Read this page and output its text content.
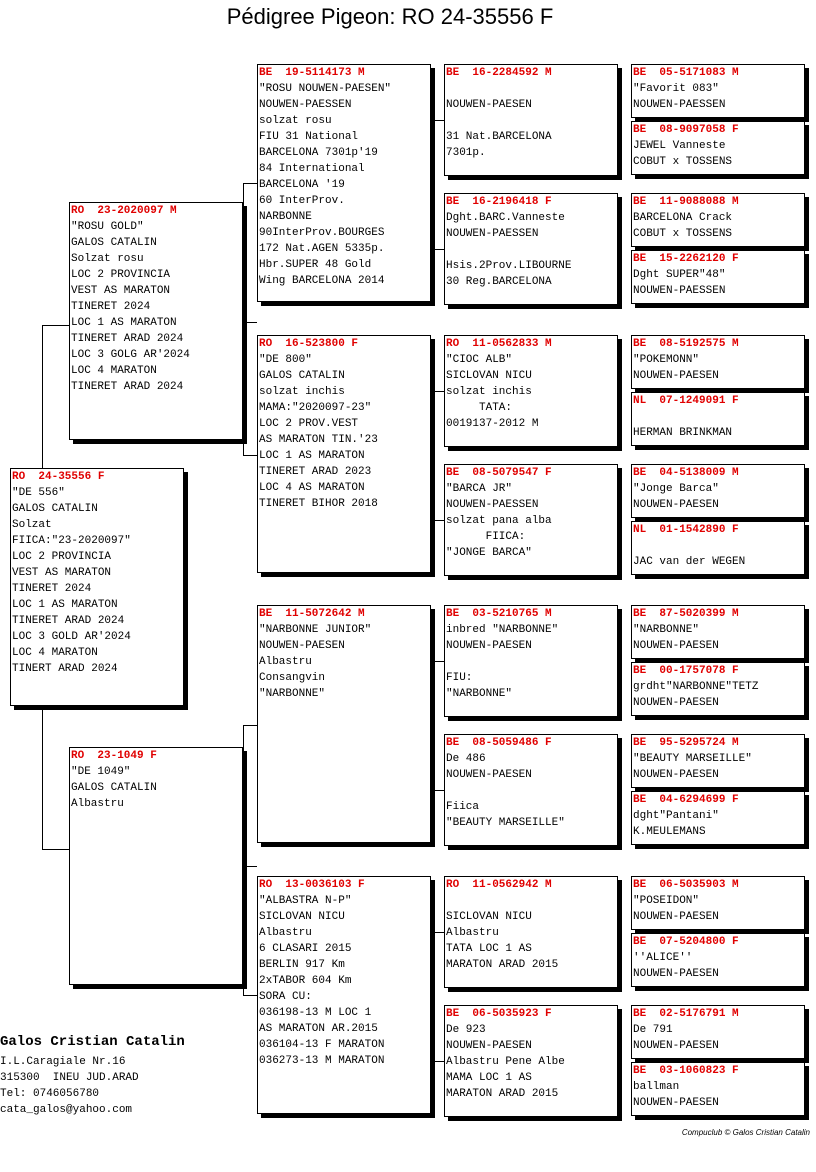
Pédigree Pigeon: RO 24-35556 F
RO  24-35556 F
"DE 556"
GALOS CATALIN
Solzat
FIICA:"23-2020097"
LOC 2 PROVINCIA
VEST AS MARATON
TINERET 2024
LOC 1 AS MARATON
TINERET ARAD 2024
LOC 3 GOLD AR'2024
LOC 4 MARATON
TINERT ARAD 2024
RO  23-2020097 M
"ROSU GOLD"
GALOS CATALIN
Solzat rosu
LOC 2 PROVINCIA
VEST AS MARATON
TINERET 2024
LOC 1 AS MARATON
TINERET ARAD 2024
LOC 3 GOLG AR'2024
LOC 4 MARATON
TINERET ARAD 2024
RO  23-1049 F
"DE 1049"
GALOS CATALIN
Albastru
BE  19-5114173 M
"ROSU NOUWEN-PAESEN"
NOUWEN-PAESSEN
solzat rosu
FIU 31 National
BARCELONA 7301p'19
84 International
BARCELONA '19
60 InterProv.
NARBONNE
90InterProv.BOURGES
172 Nat.AGEN 5335p.
Hbr.SUPER 48 Gold
Wing BARCELONA 2014
RO  16-523800 F
"DE 800"
GALOS CATALIN
solzat inchis
MAMA:"2020097-23"
LOC 2 PROV.VEST
AS MARATON TIN.'23
LOC 1 AS MARATON
TINERET ARAD 2023
LOC 4 AS MARATON
TINERET BIHOR 2018
BE  11-5072642 M
"NARBONNE JUNIOR"
NOUWEN-PAESEN
Albastru
Consangvin
"NARBONNE"
RO  13-0036103 F
"ALBASTRA N-P"
SICLOVAN NICU
Albastru
6 CLASARI 2015
BERLIN 917 Km
2xTABOR 604 Km
SORA CU:
036198-13 M LOC 1
AS MARATON AR.2015
036104-13 F MARATON
036273-13 M MARATON
BE  16-2284592 M
NOUWEN-PAESEN
31 Nat.BARCELONA
7301p.
BE  16-2196418 F
Dght.BARC.Vanneste
NOUWEN-PAESSEN
Hsis.2Prov.LIBOURNE
30 Reg.BARCELONA
RO  11-0562833 M
"CIOC ALB"
SICLOVAN NICU
solzat inchis
TATA:
0019137-2012 M
BE  08-5079547 F
"BARCA JR"
NOUWEN-PAESSEN
solzat pana alba
FIICA:
"JONGE BARCA"
BE  03-5210765 M
inbred "NARBONNE"
NOUWEN-PAESEN
FIU:
"NARBONNE"
BE  08-5059486 F
De 486
NOUWEN-PAESEN
Fiica
"BEAUTY MARSEILLE"
RO  11-0562942 M
SICLOVAN NICU
Albastru
TATA LOC 1 AS
MARATON ARAD 2015
BE  06-5035923 F
De 923
NOUWEN-PAESEN
Albastru Pene Albe
MAMA LOC 1 AS
MARATON ARAD 2015
BE  05-5171083 M
"Favorit 083"
NOUWEN-PAESSEN
BE  08-9097058 F
JEWEL Vanneste
COBUT x TOSSENS
BE  11-9088088 M
BARCELONA Crack
COBUT x TOSSENS
BE  15-2262120 F
Dght SUPER"48"
NOUWEN-PAESSEN
BE  08-5192575 M
"POKEMONN"
NOUWEN-PAESEN
NL  07-1249091 F
HERMAN BRINKMAN
BE  04-5138009 M
"Jonge Barca"
NOUWEN-PAESEN
NL  01-1542890 F
JAC van der WEGEN
BE  87-5020399 M
"NARBONNE"
NOUWEN-PAESEN
BE  00-1757078 F
grdht"NARBONNE"TETZ
NOUWEN-PAESEN
BE  95-5295724 M
"BEAUTY MARSEILLE"
NOUWEN-PAESEN
BE  04-6294699 F
dght"Pantani"
K.MEULEMANS
BE  06-5035903 M
"POSEIDON"
NOUWEN-PAESEN
BE  07-5204800 F
''ALICE''
NOUWEN-PAESEN
BE  02-5176791 M
De 791
NOUWEN-PAESEN
BE  03-1060823 F
ballman
NOUWEN-PAESEN
Galos Cristian Catalin
I.L.Caragiale Nr.16
315300  INEU JUD.ARAD
Tel: 0746056780
cata_galos@yahoo.com
Compuclub © Galos Cristian Catalin
